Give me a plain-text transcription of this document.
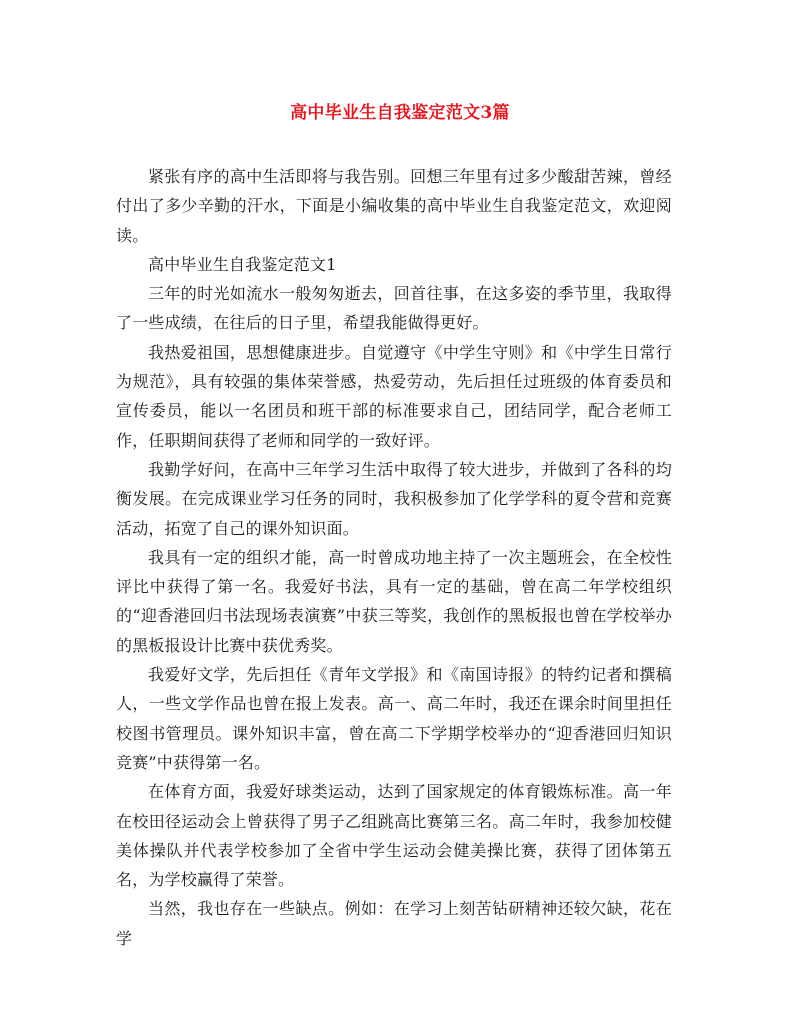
高中毕业生自我鉴定范文3篇

紧张有序的高中生活即将与我告别。回想三年里有过多少酸甜苦辣，曾经付出了多少辛勤的汗水，下面是小编收集的高中毕业生自我鉴定范文，欢迎阅读。

高中毕业生自我鉴定范文1

三年的时光如流水一般匆匆逝去，回首往事，在这多姿的季节里，我取得了一些成绩，在往后的日子里，希望我能做得更好。

我热爱祖国，思想健康进步。自觉遵守《中学生守则》和《中学生日常行为规范》，具有较强的集体荣誉感，热爱劳动，先后担任过班级的体育委员和宣传委员，能以一名团员和班干部的标准要求自己，团结同学，配合老师工作，任职期间获得了老师和同学的一致好评。

我勤学好问，在高中三年学习生活中取得了较大进步，并做到了各科的均衡发展。在完成课业学习任务的同时，我积极参加了化学学科的夏令营和竞赛活动，拓宽了自己的课外知识面。

我具有一定的组织才能，高一时曾成功地主持了一次主题班会，在全校性评比中获得了第一名。我爱好书法，具有一定的基础，曾在高二年学校组织的“迎香港回归书法现场表演赛”中获三等奖，我创作的黑板报也曾在学校举办的黑板报设计比赛中获优秀奖。

我爱好文学，先后担任《青年文学报》和《南国诗报》的特约记者和撰稿人，一些文学作品也曾在报上发表。高一、高二年时，我还在课余时间里担任校图书管理员。课外知识丰富，曾在高二下学期学校举办的“迎香港回归知识竞赛”中获得第一名。

在体育方面，我爱好球类运动，达到了国家规定的体育锻炼标准。高一年在校田径运动会上曾获得了男子乙组跳高比赛第三名。高二年时，我参加校健美体操队并代表学校参加了全省中学生运动会健美操比赛，获得了团体第五名，为学校赢得了荣誉。

当然，我也存在一些缺点。例如：在学习上刻苦钻研精神还较欠缺，花在学
